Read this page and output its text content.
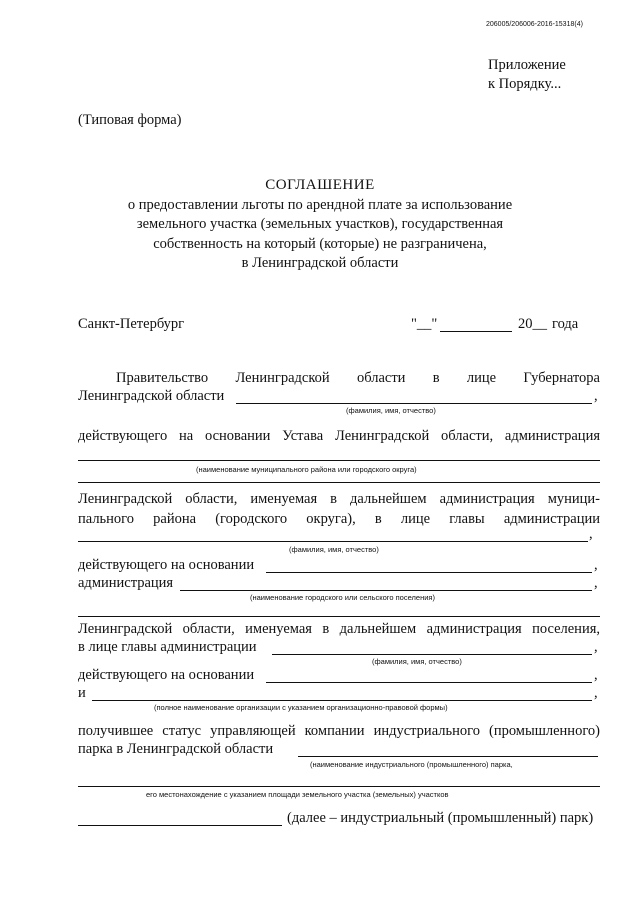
206005/206006-2016-15318(4)
Приложение
к Порядку...
(Типовая форма)
СОГЛАШЕНИЕ
о предоставлении льготы по арендной плате за использование
земельного участка (земельных участков), государственная
собственность на который (которые) не разграничена,
в Ленинградской области
Санкт-Петербург	"__"	20__ года
Правительство Ленинградской области в лице Губернатора
Ленинградской области	,
(фамилия, имя, отчество)
действующего на основании Устава Ленинградской области, администрация
(наименование муниципального района или городского округа)
Ленинградской области, именуемая в дальнейшем администрация муници-
пального района (городского округа), в лице главы администрации
,
(фамилия, имя, отчество)
действующего на основании	,
администрация	,
(наименование городского или сельского поселения)
Ленинградской области, именуемая в дальнейшем администрация поселения,
в лице главы администрации	,
(фамилия, имя, отчество)
действующего на основании	,
и	,
(полное наименование организации с указанием организационно-правовой формы)
получившее статус управляющей компании индустриального (промышленного)
парка в Ленинградской области
(наименование индустриального (промышленного) парка,
его местонахождение с указанием площади земельного участка (земельных) участков
(далее – индустриальный (промышленный) парк)
